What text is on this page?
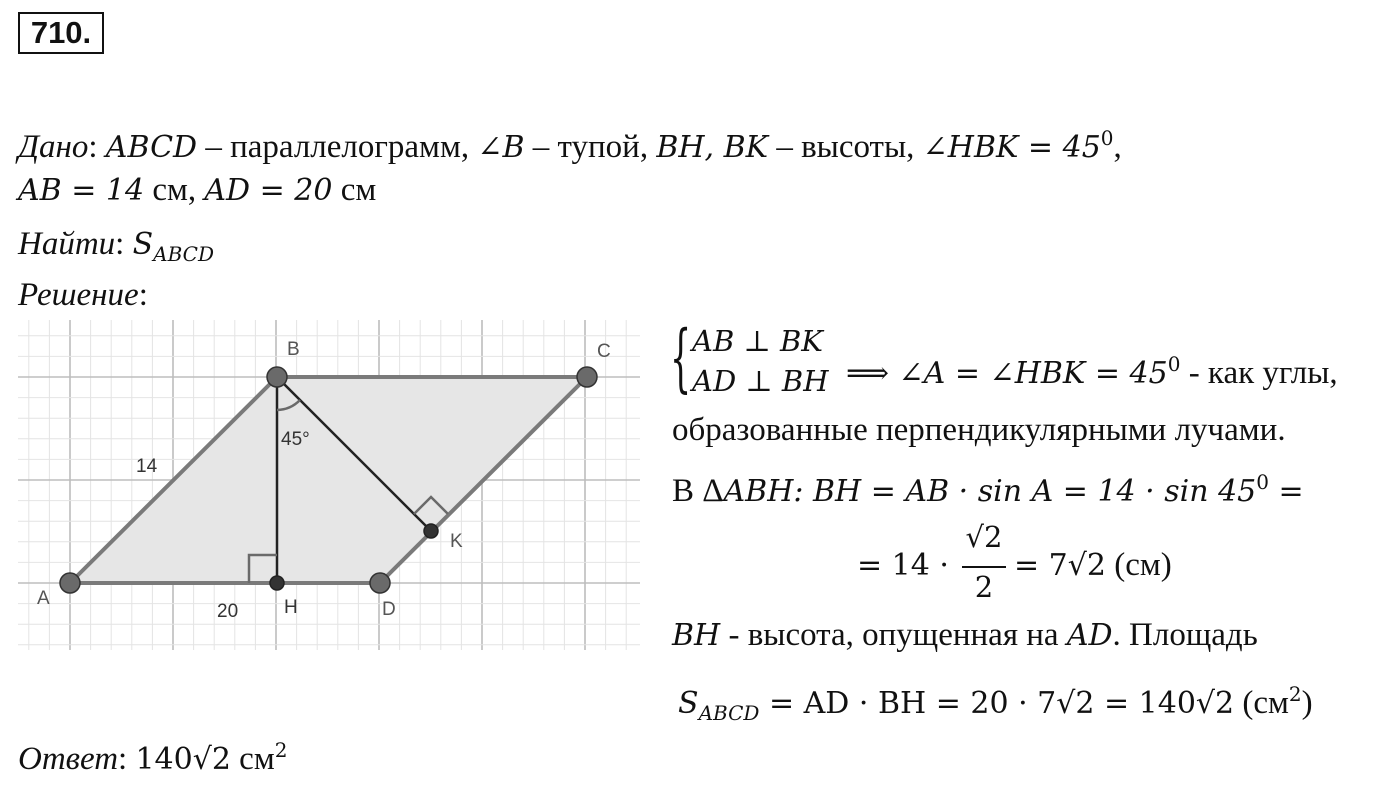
710.
Дано: ABCD – параллелограмм, ∠B – тупой, BH, BK – высоты, ∠HBK = $45^0$,
AB = 14 см, AD = 20 см
Найти: $S_{ABCD}$
Решение:
A
B	C
D
H
K
14
20
45°
{ AB ⊥ BK
AD ⊥ BH ⟹ ∠A = ∠HBK = $45^0$ - как углы,
образованные перпендикулярными лучами.
В ΔABH: BH = AB · $\sin A = 14 \cdot \sin 45^0$ =
= 14 ·
√2
2
= 7√2 (см)
BH - высота, опущенная на AD. Площадь
$S_{ABCD}$ = AD · BH = 20 · 7√2 = 140√2 $(см^2)$
Ответ: 140√2 $см^2$
